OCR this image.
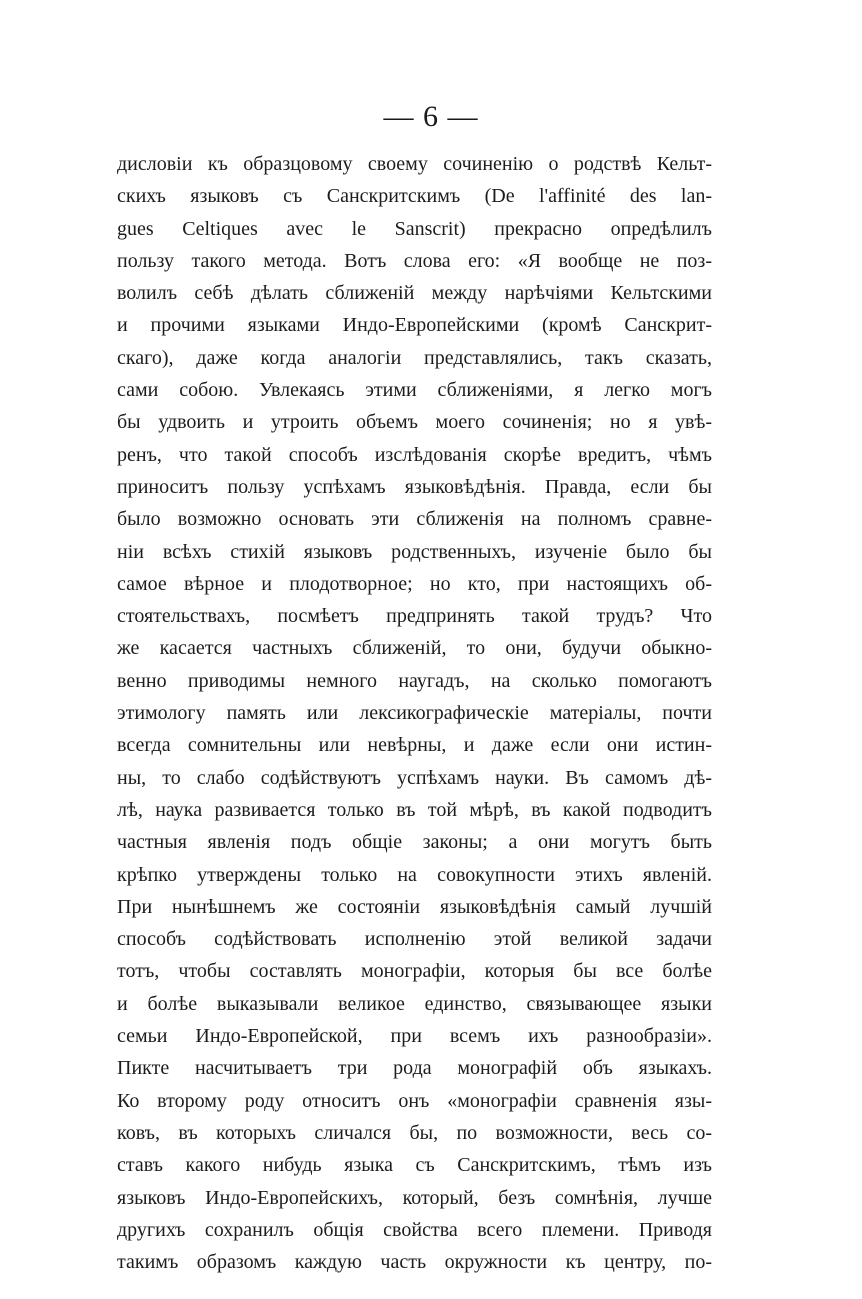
— 6 —
дисловіи къ образцовому своему сочиненію о родствѣ Кельт-
скихъ языковъ съ Санскритскимъ (De l'affinité des lan-
gues Celtiques avec le Sanscrit) прекрасно опредѣлилъ
пользу такого метода. Вотъ слова его: «Я вообще не поз-
волилъ себѣ дѣлать сближеній между нарѣчіями Кельтскими
и прочими языками Индо-Европейскими (кромѣ Санскрит-
скаго), даже когда аналогіи представлялись, такъ сказать,
сами собою. Увлекаясь этими сближеніями, я легко могъ
бы удвоить и утроить объемъ моего сочиненія; но я увѣ-
ренъ, что такой способъ изслѣдованія скорѣе вредитъ, чѣмъ
приноситъ пользу успѣхамъ языковѣдѣнія. Правда, если бы
было возможно основать эти сближенія на полномъ сравне-
ніи всѣхъ стихій языковъ родственныхъ, изученіе было бы
самое вѣрное и плодотворное; но кто, при настоящихъ об-
стоятельствахъ, посмѣетъ предпринять такой трудъ? Что
же касается частныхъ сближеній, то они, будучи обыкно-
венно приводимы немного наугадъ, на сколько помогаютъ
этимологу память или лексикографическіе матеріалы, почти
всегда сомнительны или невѣрны, и даже если они истин-
ны, то слабо содѣйствуютъ успѣхамъ науки. Въ самомъ дѣ-
лѣ, наука развивается только въ той мѣрѣ, въ какой подводитъ
частныя явленія подъ общіе законы; а они могутъ быть
крѣпко утверждены только на совокупности этихъ явленій.
При нынѣшнемъ же состояніи языковѣдѣнія самый лучшій
способъ содѣйствовать исполненію этой великой задачи
тотъ, чтобы составлять монографіи, которыя бы все болѣе
и болѣе выказывали великое единство, связывающее языки
семьи Индо-Европейской, при всемъ ихъ разнообразіи».
Пикте насчитываетъ три рода монографій объ языкахъ.
Ко второму роду относитъ онъ «монографіи сравненія язы-
ковъ, въ которыхъ сличался бы, по возможности, весь со-
ставъ какого нибудь языка съ Санскритскимъ, тѣмъ изъ
языковъ Индо-Европейскихъ, который, безъ сомнѣнія, лучше
другихъ сохранилъ общія свойства всего племени. Приводя
такимъ образомъ каждую часть окружности къ центру, по-
